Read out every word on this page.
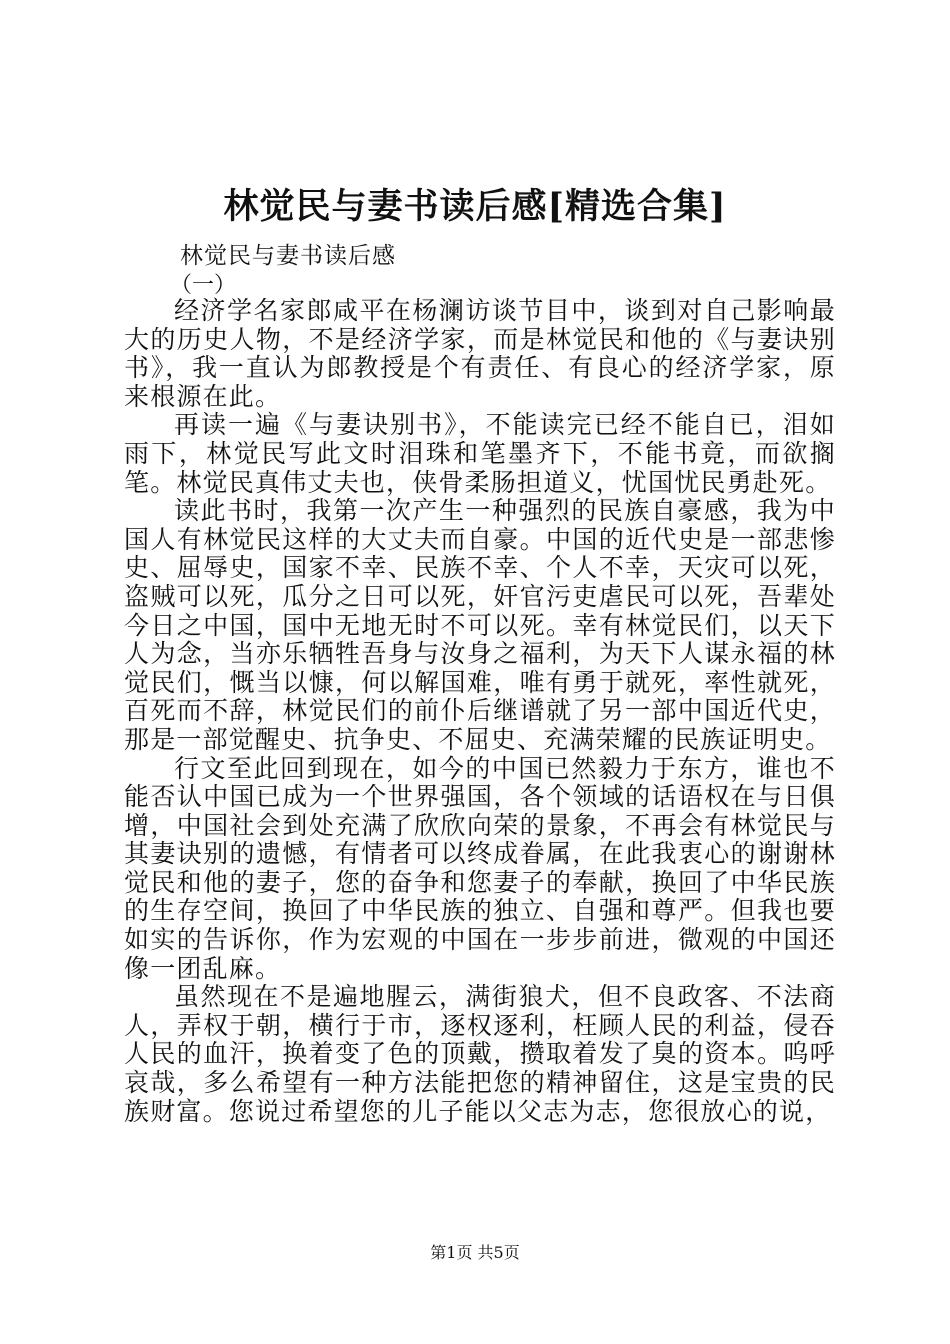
林觉民与妻书读后感[精选合集]
林觉民与妻书读后感
（一）

经济学名家郎咸平在杨澜访谈节目中，谈到对自己影响最大的历史人物，不是经济学家，而是林觉民和他的《与妻诀别书》，我一直认为郎教授是个有责任、有良心的经济学家，原来根源在此。

再读一遍《与妻诀别书》，不能读完已经不能自已，泪如雨下，林觉民写此文时泪珠和笔墨齐下，不能书竟，而欲搁笔。林觉民真伟丈夫也，侠骨柔肠担道义，忧国忧民勇赴死。

读此书时，我第一次产生一种强烈的民族自豪感，我为中国人有林觉民这样的大丈夫而自豪。中国的近代史是一部悲惨史、屈辱史，国家不幸、民族不幸、个人不幸，天灾可以死，盗贼可以死，瓜分之日可以死，奸官污吏虐民可以死，吾辈处今日之中国，国中无地无时不可以死。幸有林觉民们，以天下人为念，当亦乐牺牲吾身与汝身之福利，为天下人谋永福的林觉民们，慨当以慷，何以解国难，唯有勇于就死，率性就死，百死而不辞，林觉民们的前仆后继谱就了另一部中国近代史，那是一部觉醒史、抗争史、不屈史、充满荣耀的民族证明史。

行文至此回到现在，如今的中国已然毅力于东方，谁也不能否认中国已成为一个世界强国，各个领域的话语权在与日俱增，中国社会到处充满了欣欣向荣的景象，不再会有林觉民与其妻诀别的遗憾，有情者可以终成眷属，在此我衷心的谢谢林觉民和他的妻子，您的奋争和您妻子的奉献，换回了中华民族的生存空间，换回了中华民族的独立、自强和尊严。但我也要如实的告诉你，作为宏观的中国在一步步前进，微观的中国还像一团乱麻。

虽然现在不是遍地腥云，满街狼犬，但不良政客、不法商人，弄权于朝，横行于市，逐权逐利，枉顾人民的利益，侵吞人民的血汗，换着变了色的顶戴，攒取着发了臭的资本。呜呼哀哉，多么希望有一种方法能把您的精神留住，这是宝贵的民族财富。您说过希望您的儿子能以父志为志，您很放心的说，

第1页 共5页
